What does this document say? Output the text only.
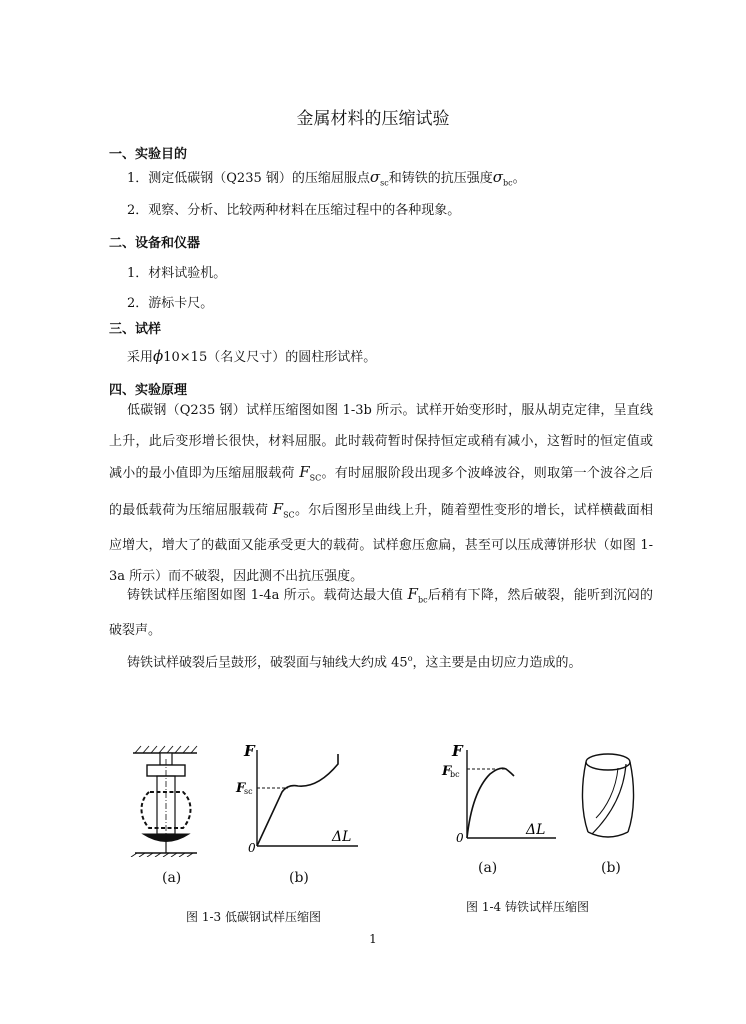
金属材料的压缩试验
一、实验目的
1．测定低碳钢（Q235 钢）的压缩屈服点$\sigma_{sc}$和铸铁的抗压强度$\sigma_{bc}$。
2．观察、分析、比较两种材料在压缩过程中的各种现象。
二、设备和仪器
1．材料试验机。
2．游标卡尺。
三、试样
采用ϕ10×15（名义尺寸）的圆柱形试样。
四、实验原理
低碳钢（Q235 钢）试样压缩图如图 1-3b 所示。试样开始变形时，服从胡克定律，呈直线上升，此后变形增长很快，材料屈服。此时载荷暂时保持恒定或稍有减小，这暂时的恒定值或减小的最小值即为压缩屈服载荷 $F_{SC}$。有时屈服阶段出现多个波峰波谷，则取第一个波谷之后的最低载荷为压缩屈服载荷 $F_{SC}$。尔后图形呈曲线上升，随着塑性变形的增长，试样横截面相应增大，增大了的截面又能承受更大的载荷。试样愈压愈扁，甚至可以压成薄饼形状（如图 1-3a 所示）而不破裂，因此测不出抗压强度。
铸铁试样压缩图如图 1-4a 所示。载荷达最大值 $F_{bc}$后稍有下降，然后破裂，能听到沉闷的破裂声。
铸铁试样破裂后呈鼓形，破裂面与轴线大约成 45$^o$，这主要是由切应力造成的。
F
F
sc
ΔL
0
(a)	(b)
图 1-3 低碳钢试样压缩图
F
F
bc
ΔL
0
(a)	(b)
图 1-4 铸铁试样压缩图
1
